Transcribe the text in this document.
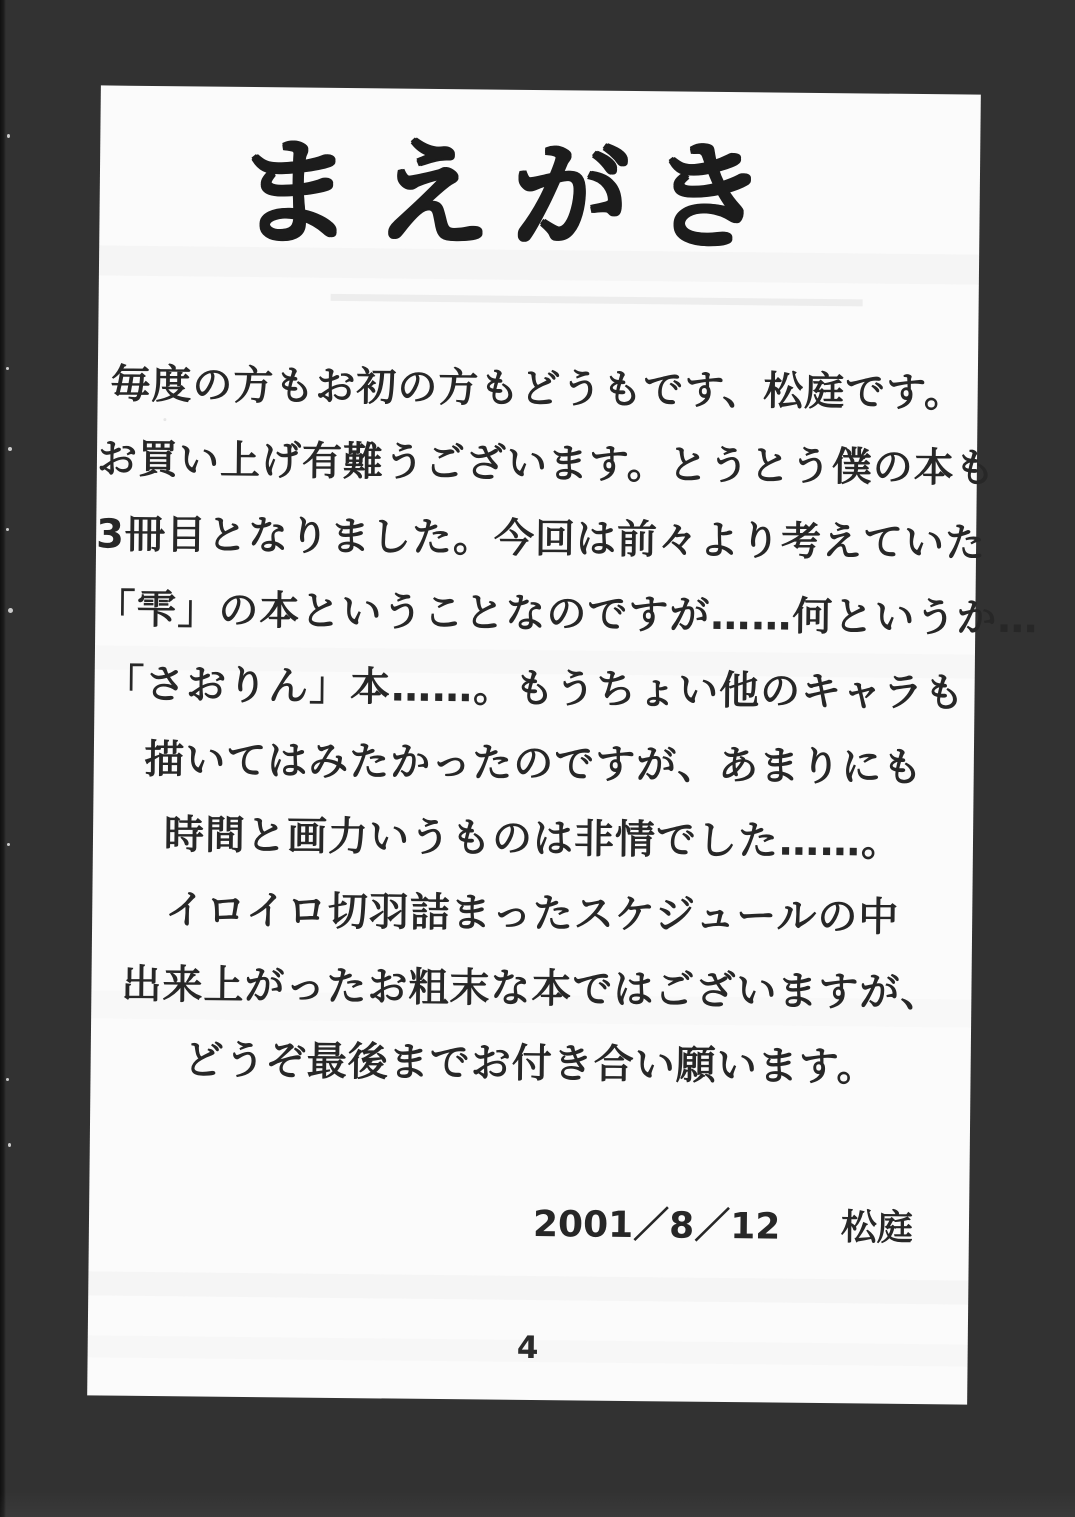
まえがき
毎度の方もお初の方もどうもです、松庭です。
お買い上げ有難うございます。とうとう僕の本も
3冊目となりました。今回は前々より考えていた
「雫」の本ということなのですが……何というか…
「さおりん」本……。もうちょい他のキャラも
描いてはみたかったのですが、あまりにも
時間と画力いうものは非情でした……。
イロイロ切羽詰まったスケジュールの中
出来上がったお粗末な本ではございますが、
どうぞ最後までお付き合い願います。
2001／8／12 松庭
4
